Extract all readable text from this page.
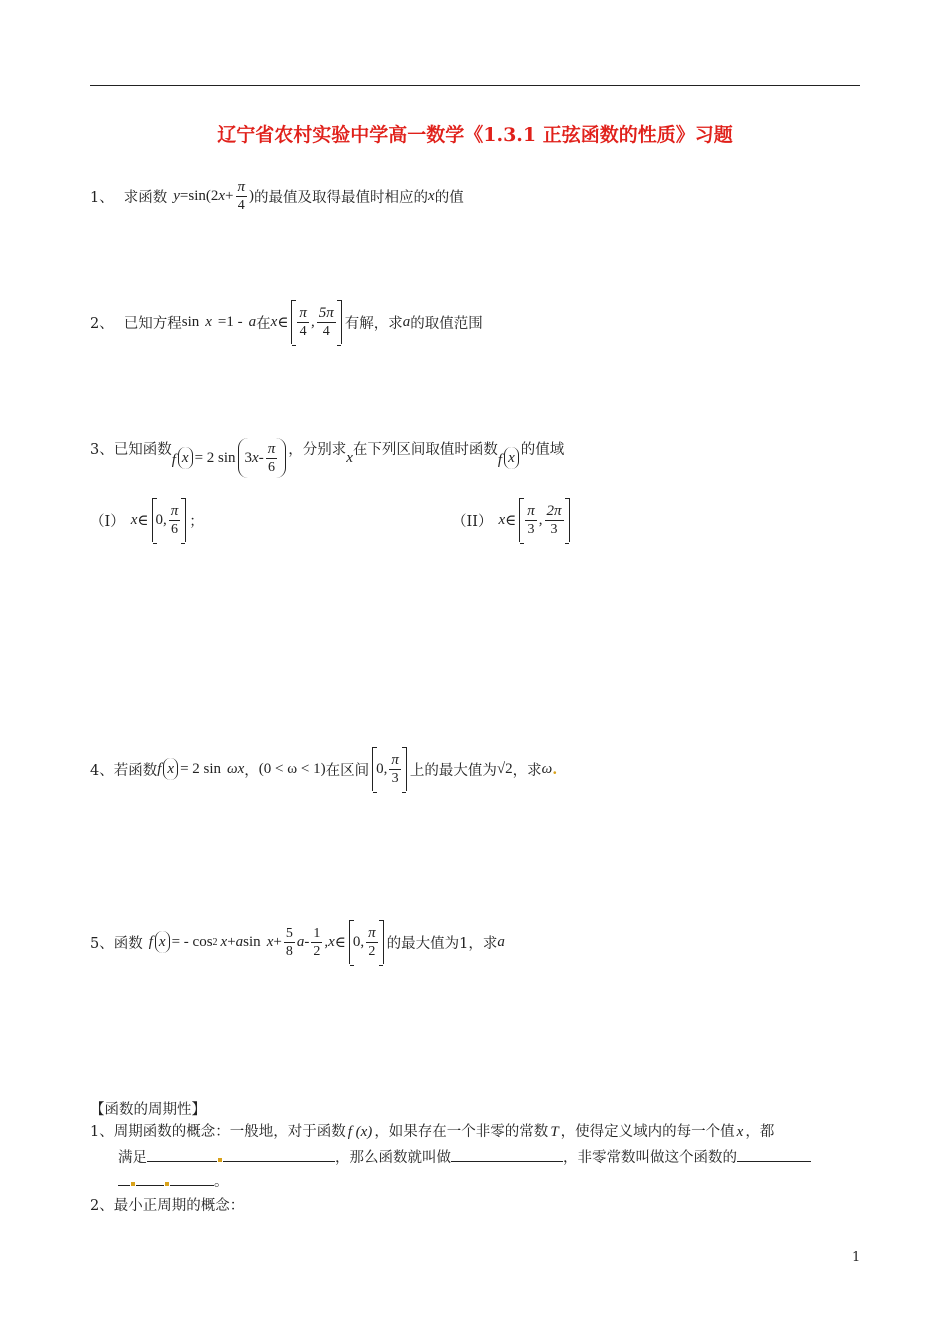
辽宁省农村实验中学高一数学《1.3.1 正弦函数的性质》习题
1、 求函数 y =sin(2 $x + \frac{\pi}{4}$ ) 的最值及取得最值时相应的 x 的值
2、 已知方程 sin x =1 - a 在 x ∈ $\frac{\pi}{4}$ , $\frac{5\pi}{4}$ 有解，求 a 的取值范围
3、 已知函数
f x = 2 sin 3 x - $\frac{\pi}{6}$ ，分别求 x 在下列区间取值时函数
f x 的值域
（I） x ∈ 0, $\frac{\pi}{6}$ ；	（II） x ∈ $\frac{\pi}{3}$ , $\frac{2\pi}{3}$
4、 若函数 f x = 2 sin ωx ， (0 < ω < 1) 在区间 0, $\frac{\pi}{3}$ 上的最大值为 √2 ，求 ω .
5、 函数 f x = - cos 2 x + a $\sin x + \frac{5}{8}$ a - $\frac{1}{2}$ , x ∈ 0, $\frac{\pi}{2}$ 的最大值为1，求 a
【函数的周期性】
1、周期函数的概念：一般地，对于函数 f (x) ，如果存在一个非零的常数 T ，使得定义域内的每一个值 x ，都
满足	，那么函数就叫做	，非零常数叫做这个函数的
。
2、最小正周期的概念：
1
